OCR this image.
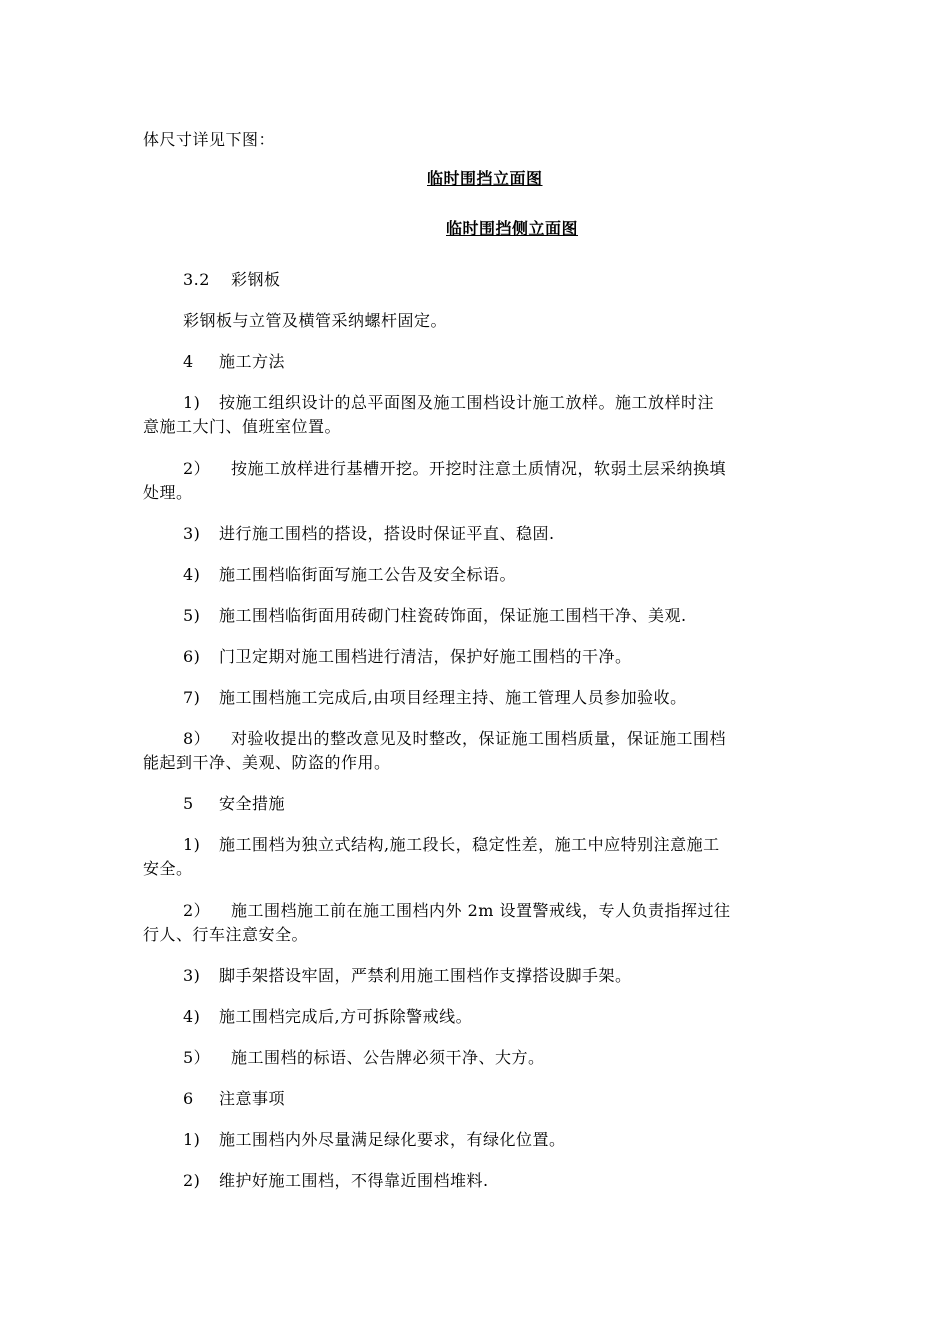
体尺寸详见下图：
临时围挡立面图
临时围挡侧立面图
3.2 彩钢板
彩钢板与立管及横管采纳螺杆固定。
4 施工方法
1) 按施工组织设计的总平面图及施工围档设计施工放样。施工放样时注
意施工大门、值班室位置。
2） 按施工放样进行基槽开挖。开挖时注意土质情况，软弱土层采纳换填
处理。
3) 进行施工围档的搭设，搭设时保证平直、稳固.
4) 施工围档临街面写施工公告及安全标语。
5) 施工围档临街面用砖砌门柱瓷砖饰面，保证施工围档干净、美观.
6) 门卫定期对施工围档进行清洁，保护好施工围档的干净。
7) 施工围档施工完成后,由项目经理主持、施工管理人员参加验收。
8） 对验收提出的整改意见及时整改，保证施工围档质量，保证施工围档
能起到干净、美观、防盗的作用。
5 安全措施
1) 施工围档为独立式结构,施工段长，稳定性差，施工中应特别注意施工
安全。
2） 施工围档施工前在施工围档内外 2m 设置警戒线，专人负责指挥过往
行人、行车注意安全。
3) 脚手架搭设牢固，严禁利用施工围档作支撑搭设脚手架。
4) 施工围档完成后,方可拆除警戒线。
5） 施工围档的标语、公告牌必须干净、大方。
6 注意事项
1) 施工围档内外尽量满足绿化要求，有绿化位置。
2) 维护好施工围档，不得靠近围档堆料.
